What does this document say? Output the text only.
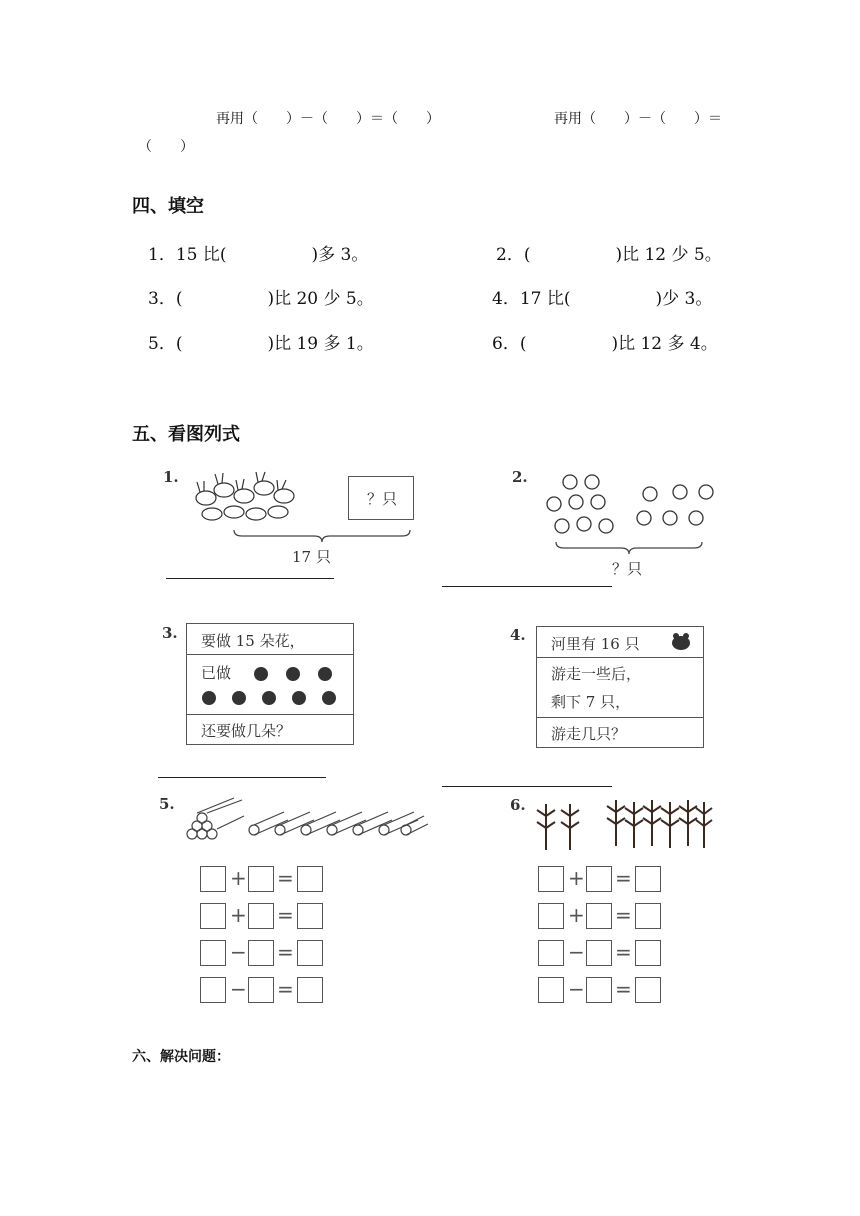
再用（　　）－（　　）＝（　　）	再用（　　）－（　　）＝
（　　）
四、填空
1．15 比(　　　　　)多 3。	2．(　　　　　)比 12 少 5。
3．(　　　　　)比 20 少 5。	4．17 比(　　　　　)少 3。
5．(　　　　　)比 19 多 1。	6．(　　　　　)比 12 多 4。
五、看图列式
1.
？只
17 只
2.
？只
3. 要做 15 朵花，
已做
还要做几朵？
4. 河里有 16 只
游走一些后，
剩下 7 只，
游走几只？
5.
+ =
+ =
− =
− =
6.
+ =
+ =
− =
− =
六、解决问题：
